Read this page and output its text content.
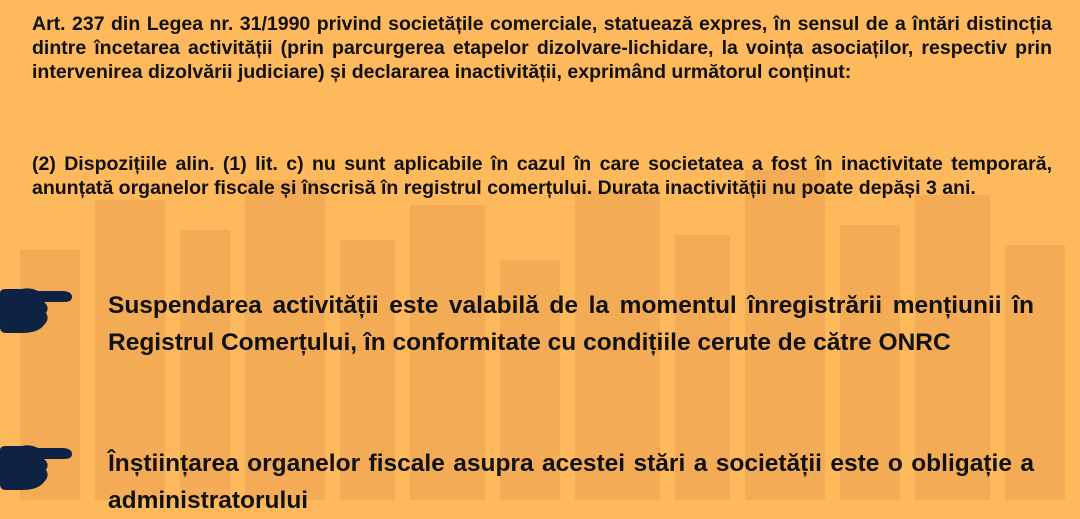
Art. 237 din Legea nr. 31/1990 privind societățile comerciale, statuează expres, în sensul de a întări distincția dintre încetarea activității (prin parcurgerea etapelor dizolvare-lichidare, la voința asociaților, respectiv prin intervenirea dizolvării judiciare) și declararea inactivității, exprimând următorul conținut:

(2) Dispozițiile alin. (1) lit. c) nu sunt aplicabile în cazul în care societatea a fost în inactivitate temporară, anunțată organelor fiscale și înscrisă în registrul comerțului. Durata inactivității nu poate depăși 3 ani.

Suspendarea activității este valabilă de la momentul înregistrării mențiunii în Registrul Comerțului, în conformitate cu condițiile cerute de către ONRC

Înștiințarea organelor fiscale asupra acestei stări a societății este o obligație a administratorului
